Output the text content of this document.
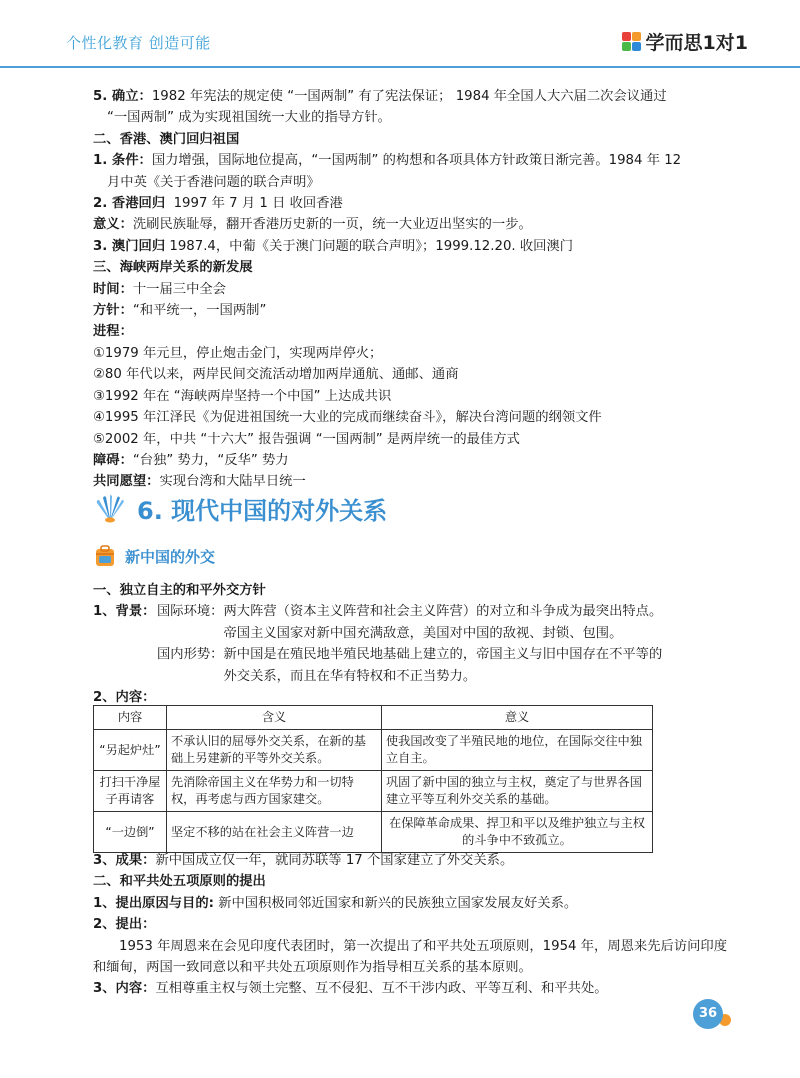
个性化教育 创造可能	学而思1对1
5. 确立：1982 年宪法的规定使 “一国两制” 有了宪法保证； 1984 年全国人大六届二次会议通过
“一国两制” 成为实现祖国统一大业的指导方针。
二、香港、澳门回归祖国
1. 条件：国力增强，国际地位提高，“一国两制” 的构想和各项具体方针政策日渐完善。1984 年 12
月中英《关于香港问题的联合声明》
2. 香港回归 1997 年 7 月 1 日 收回香港
意义：洗刷民族耻辱，翻开香港历史新的一页，统一大业迈出坚实的一步。
3. 澳门回归 1987.4，中葡《关于澳门问题的联合声明》；1999.12.20. 收回澳门
三、海峡两岸关系的新发展
时间：十一届三中全会
方针：“和平统一，一国两制”
进程：
①1979 年元旦，停止炮击金门，实现两岸停火；
②80 年代以来，两岸民间交流活动增加两岸通航、通邮、通商
③1992 年在 “海峡两岸坚持一个中国” 上达成共识
④1995 年江泽民《为促进祖国统一大业的完成而继续奋斗》，解决台湾问题的纲领文件
⑤2002 年，中共 “十六大” 报告强调 “一国两制” 是两岸统一的最佳方式
障碍：“台独” 势力，“反华” 势力
共同愿望：实现台湾和大陆早日统一
6. 现代中国的对外关系
新中国的外交
一、独立自主的和平外交方针
1、背景： 国际环境： 两大阵营（资本主义阵营和社会主义阵营）的对立和斗争成为最突出特点。帝国主义国家对新中国充满敌意，美国对中国的敌视、封锁、包围。
国内形势： 新中国是在殖民地半殖民地基础上建立的，帝国主义与旧中国存在不平等的外交关系，而且在华有特权和不正当势力。
2、内容：
内容	含义	意义
“另起炉灶”	不承认旧的屈辱外交关系，在新的基础上另建新的平等外交关系。	使我国改变了半殖民地的地位，在国际交往中独立自主。
打扫干净屋子再请客	先消除帝国主义在华势力和一切特权，再考虑与西方国家建交。	巩固了新中国的独立与主权，奠定了与世界各国建立平等互利外交关系的基础。
“一边倒”	坚定不移的站在社会主义阵营一边	在保障革命成果、捍卫和平以及维护独立与主权的斗争中不致孤立。
3、成果：新中国成立仅一年，就同苏联等 17 个国家建立了外交关系。
二、和平共处五项原则的提出
1、提出原因与目的: 新中国积极同邻近国家和新兴的民族独立国家发展友好关系。
2、提出：
1953 年周恩来在会见印度代表团时，第一次提出了和平共处五项原则，1954 年，周恩来先后访问印度和缅甸，两国一致同意以和平共处五项原则作为指导相互关系的基本原则。
3、内容：互相尊重主权与领土完整、互不侵犯、互不干涉内政、平等互利、和平共处。
36
